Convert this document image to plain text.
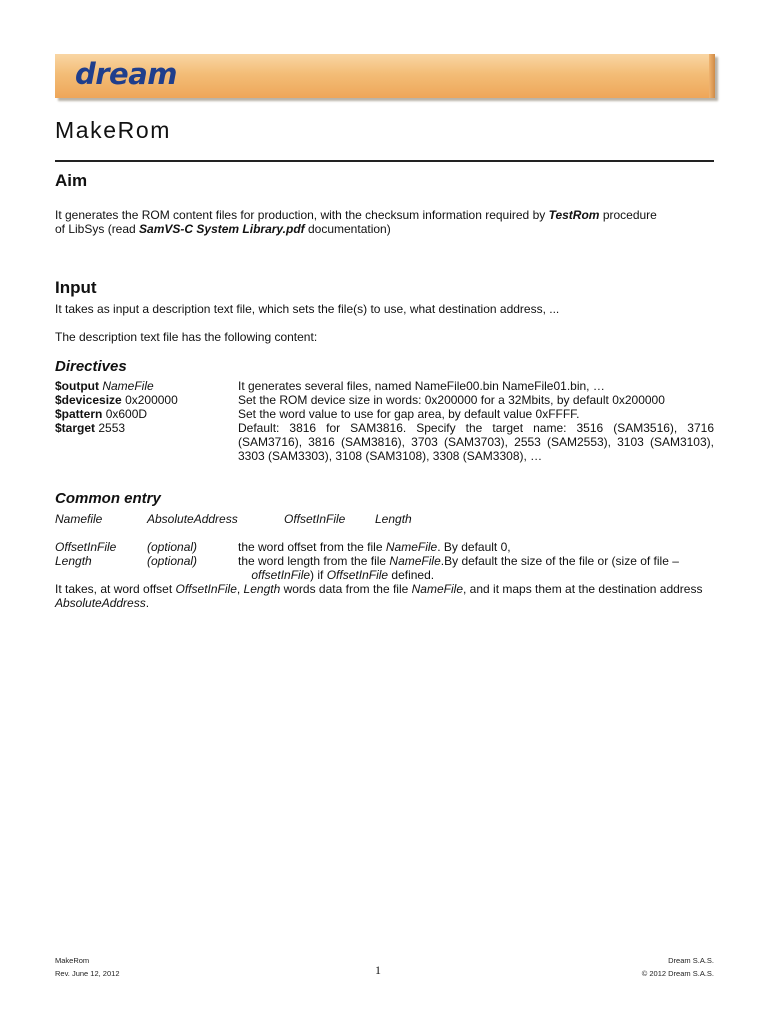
dream
MakeRom
Aim
It generates the ROM content files for production, with the checksum information required by TestRom procedure
of LibSys (read SamVS-C System Library.pdf documentation)
Input
It takes as input a description text file, which sets the file(s) to use, what destination address, ...
The description text file has the following content:
Directives
$output NameFile	It generates several files, named NameFile00.bin NameFile01.bin, …
$devicesize 0x200000	Set the ROM device size in words: 0x200000 for a 32Mbits, by default 0x200000
$pattern 0x600D	Set the word value to use for gap area, by default value 0xFFFF.
$target 2553	Default: 3816 for SAM3816. Specify the target name: 3516 (SAM3516), 3716 (SAM3716), 3816 (SAM3816), 3703 (SAM3703), 2553 (SAM2553), 3103 (SAM3103), 3303 (SAM3303), 3108 (SAM3108), 3308 (SAM3308), …
Common entry
Namefile	AbsoluteAddress	OffsetInFile Length
OffsetInFile	(optional)	the word offset from the file NameFile. By default 0,
Length	(optional)	the word length from the file NameFile.By default the size of the file or (size of file –
offsetInFile) if OffsetInFile defined.
It takes, at word offset OffsetInFile, Length words data from the file NameFile, and it maps them at the destination address AbsoluteAddress.
MakeRom
Rev. June 12, 2012	1
Dream S.A.S.
© 2012 Dream S.A.S.
